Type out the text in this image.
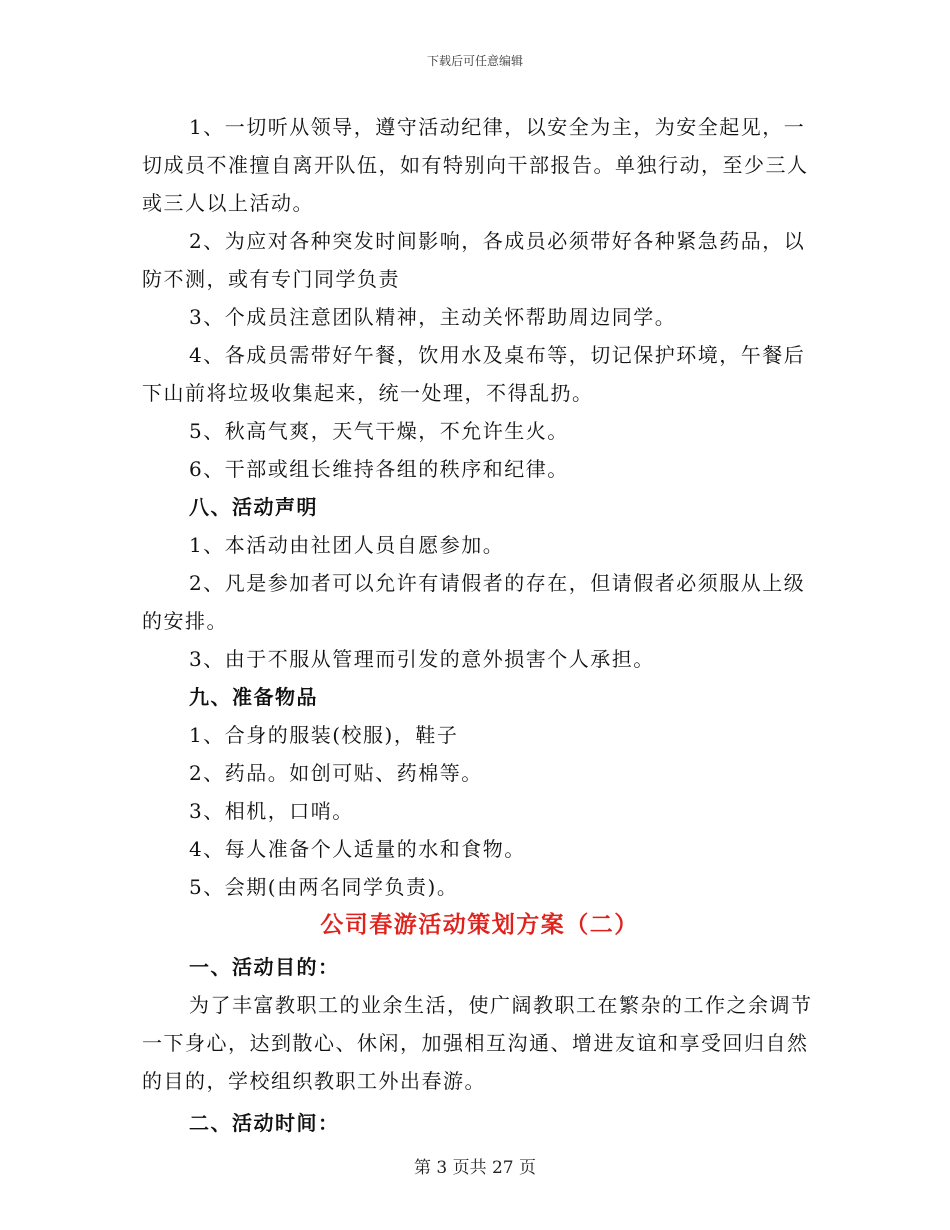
下载后可任意编辑

1、一切听从领导，遵守活动纪律，以安全为主，为安全起见，一切成员不准擅自离开队伍，如有特别向干部报告。单独行动，至少三人或三人以上活动。

2、为应对各种突发时间影响，各成员必须带好各种紧急药品，以防不测，或有专门同学负责

3、个成员注意团队精神，主动关怀帮助周边同学。

4、各成员需带好午餐，饮用水及桌布等，切记保护环境，午餐后下山前将垃圾收集起来，统一处理，不得乱扔。

5、秋高气爽，天气干燥，不允许生火。

6、干部或组长维持各组的秩序和纪律。

八、活动声明

1、本活动由社团人员自愿参加。

2、凡是参加者可以允许有请假者的存在，但请假者必须服从上级的安排。

3、由于不服从管理而引发的意外损害个人承担。

九、准备物品

1、合身的服装(校服)，鞋子

2、药品。如创可贴、药棉等。

3、相机，口哨。

4、每人准备个人适量的水和食物。

5、会期(由两名同学负责)。

公司春游活动策划方案（二）

一、活动目的：

为了丰富教职工的业余生活，使广阔教职工在繁杂的工作之余调节一下身心，达到散心、休闲，加强相互沟通、增进友谊和享受回归自然的目的，学校组织教职工外出春游。

二、活动时间：

第 3 页共 27 页
